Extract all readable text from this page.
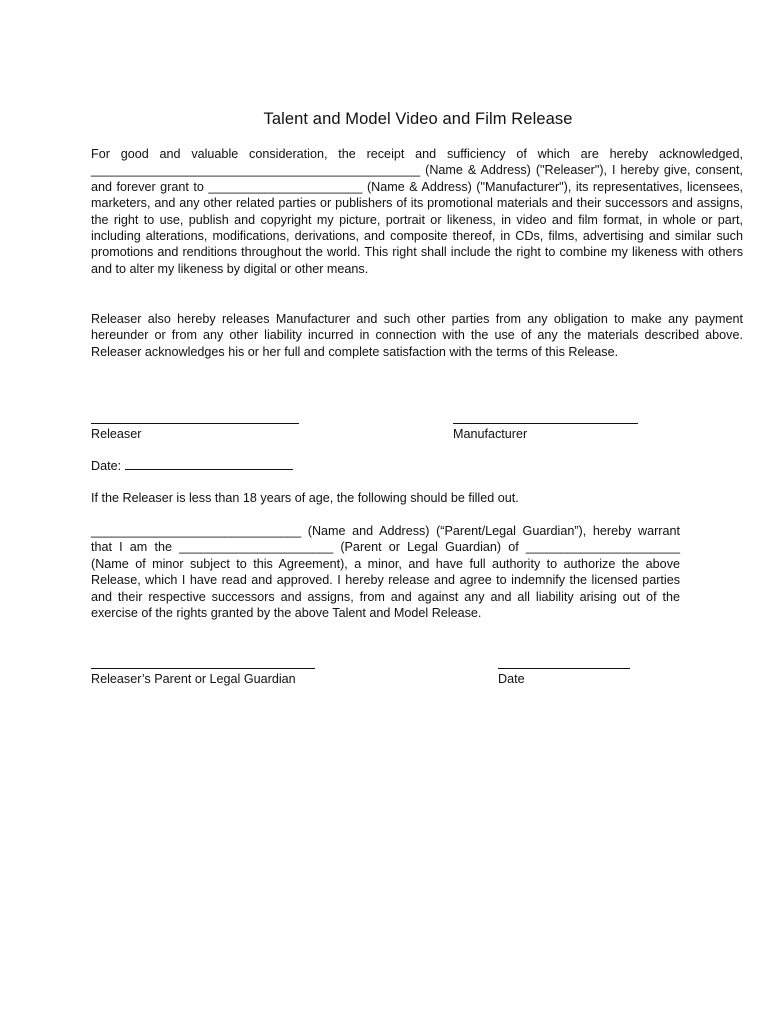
Talent and Model Video and Film Release
For good and valuable consideration, the receipt and sufficiency of which are hereby acknowledged, _______________________________________________ (Name & Address) ("Releaser"), I hereby give, consent, and forever grant to ______________________ (Name & Address) ("Manufacturer"), its representatives, licensees, marketers, and any other related parties or publishers of its promotional materials and their successors and assigns, the right to use, publish and copyright my picture, portrait or likeness, in video and film format, in whole or part, including alterations, modifications, derivations, and composite thereof, in CDs, films, advertising and similar such promotions and renditions throughout the world. This right shall include the right to combine my likeness with others and to alter my likeness by digital or other means.
Releaser also hereby releases Manufacturer and such other parties from any obligation to make any payment hereunder or from any other liability incurred in connection with the use of any the materials described above. Releaser acknowledges his or her full and complete satisfaction with the terms of this Release.
Releaser	Manufacturer
Date:
If the Releaser is less than 18 years of age, the following should be filled out.
______________________________ (Name and Address) (“Parent/Legal Guardian”), hereby warrant that I am the ______________________ (Parent or Legal Guardian) of ______________________ (Name of minor subject to this Agreement), a minor, and have full authority to authorize the above Release, which I have read and approved. I hereby release and agree to indemnify the licensed parties and their respective successors and assigns, from and against any and all liability arising out of the exercise of the rights granted by the above Talent and Model Release.
Releaser’s Parent or Legal Guardian	Date
